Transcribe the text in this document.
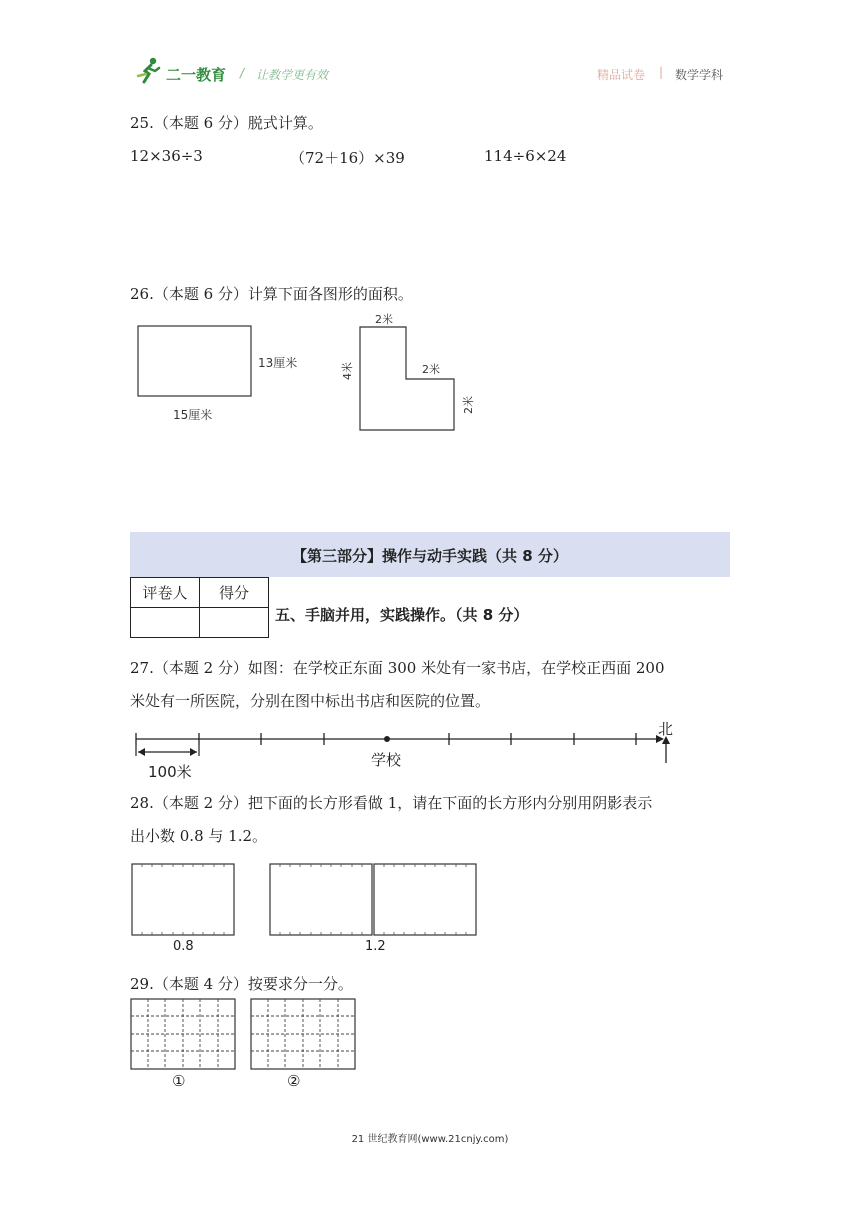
二一教育 / 让教学更有效	精品试卷 | 数学学科
25.（本题 6 分）脱式计算。
12×36÷3	（72＋16）×39	114÷6×24
26.（本题 6 分）计算下面各图形的面积。
13厘米
15厘米
2米
2米
4米
2米
【第三部分】操作与动手实践（共 8 分）
评卷人	得分

五、手脑并用，实践操作。（共 8 分）
27.（本题 2 分）如图：在学校正东面 300 米处有一家书店，在学校正西面 200
米处有一所医院，分别在图中标出书店和医院的位置。
100米
学校
北
28.（本题 2 分）把下面的长方形看做 1，请在下面的长方形内分别用阴影表示
出小数 0.8 与 1.2。
0.8	1.2
29.（本题 4 分）按要求分一分。
①	②
21 世纪教育网(www.21cnjy.com)
